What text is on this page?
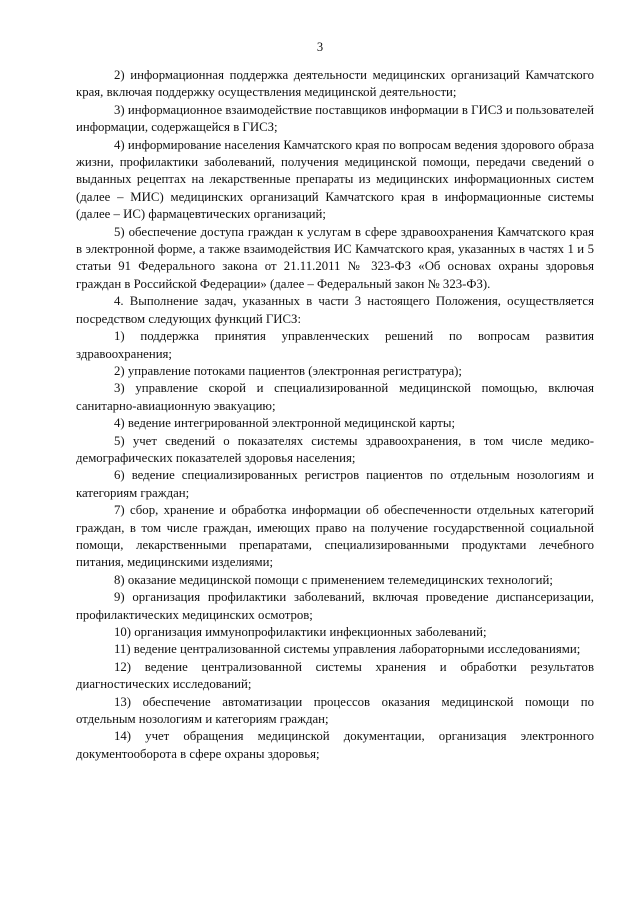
3

2) информационная поддержка деятельности медицинских организаций Камчатского края, включая поддержку осуществления медицинской деятельности;

3) информационное взаимодействие поставщиков информации в ГИСЗ и пользователей информации, содержащейся в ГИСЗ;

4) информирование населения Камчатского края по вопросам ведения здорового образа жизни, профилактики заболеваний, получения медицинской помощи, передачи сведений о выданных рецептах на лекарственные препараты из медицинских информационных систем (далее – МИС) медицинских организаций Камчатского края в информационные системы (далее – ИС) фармацевтических организаций;

5) обеспечение доступа граждан к услугам в сфере здравоохранения Камчатского края в электронной форме, а также взаимодействия ИС Камчатского края, указанных в частях 1 и 5 статьи 91 Федерального закона от 21.11.2011 № 323-ФЗ «Об основах охраны здоровья граждан в Российской Федерации» (далее – Федеральный закон № 323-ФЗ).

4. Выполнение задач, указанных в части 3 настоящего Положения, осуществляется посредством следующих функций ГИСЗ:

1) поддержка принятия управленческих решений по вопросам развития здравоохранения;

2) управление потоками пациентов (электронная регистратура);

3) управление скорой и специализированной медицинской помощью, включая санитарно-авиационную эвакуацию;

4) ведение интегрированной электронной медицинской карты;

5) учет сведений о показателях системы здравоохранения, в том числе медико-демографических показателей здоровья населения;

6) ведение специализированных регистров пациентов по отдельным нозологиям и категориям граждан;

7) сбор, хранение и обработка информации об обеспеченности отдельных категорий граждан, в том числе граждан, имеющих право на получение государственной социальной помощи, лекарственными препаратами, специализированными продуктами лечебного питания, медицинскими изделиями;

8) оказание медицинской помощи с применением телемедицинских технологий;

9) организация профилактики заболеваний, включая проведение диспансеризации, профилактических медицинских осмотров;

10) организация иммунопрофилактики инфекционных заболеваний;

11) ведение централизованной системы управления лабораторными исследованиями;

12) ведение централизованной системы хранения и обработки результатов диагностических исследований;

13) обеспечение автоматизации процессов оказания медицинской помощи по отдельным нозологиям и категориям граждан;

14) учет обращения медицинской документации, организация электронного документооборота в сфере охраны здоровья;
